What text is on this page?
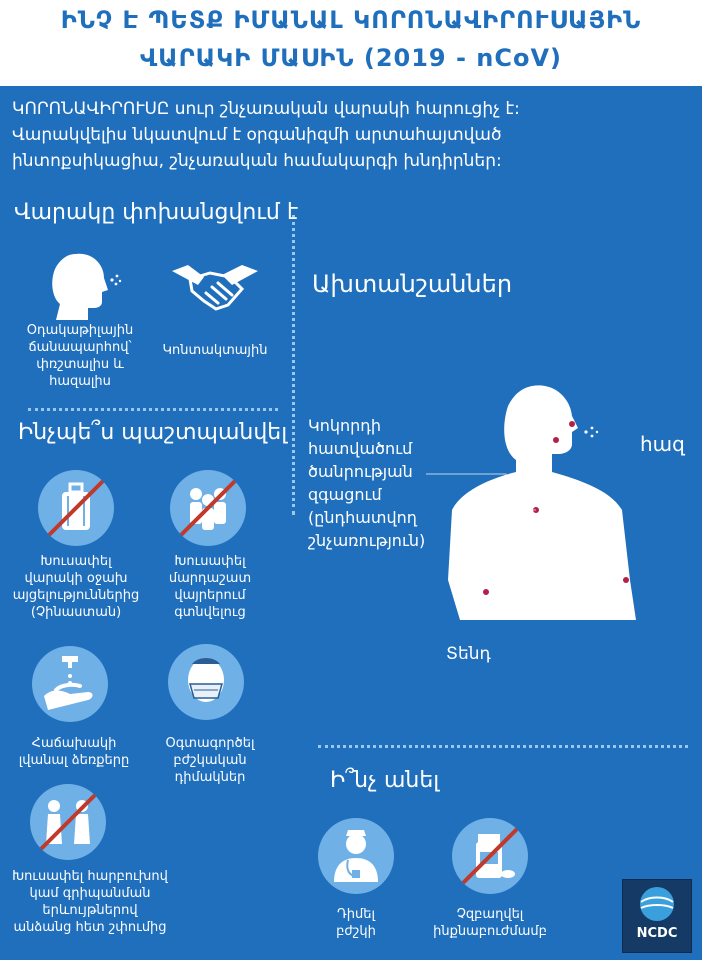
ԻՆՉ Է ՊԵՏՔ ԻՄԱՆԱԼ ԿՈՐՈՆԱՎԻՐՈՒՍԱՅԻՆ
ՎԱՐԱԿԻ ՄԱՍԻՆ (2019 - nCoV)
ԿՈՐՈՆԱՎԻՐՈՒՍԸ սուր շնչառական վարակի հարուցիչ է:
Վարակվելիս նկատվում է օրգանիզմի արտահայտված
ինտոքսիկացիա, շնչառական համակարգի խնդիրներ:
Վարակը փոխանցվում է
Օդակաթիլային
ճանապարհով՝
փռշտալիս և
հազալիս
Կոնտակտային
Ինչպե՞ս պաշտպանվել
Խուսափել
վարակի օջախ
այցելություններից
(Չինաստան)
Խուսափել
մարդաշատ
վայրերում
գտնվելուց
Հաճախակի
լվանալ ձեռքերը
Օգտագործել
բժշկական
դիմակներ
Խուսափել հարբուխով
կամ գրիպանման
երևույթներով
անձանց հետ շփումից
Ախտանշաններ
Կոկորդի
հատվածում
ծանրության
զգացում
(ընդհատվող
շնչառություն)
հազ
Տենդ
Ի՞նչ անել
Դիմել
բժշկի
Չզբաղվել
ինքնաբուժմամբ	NCDC
